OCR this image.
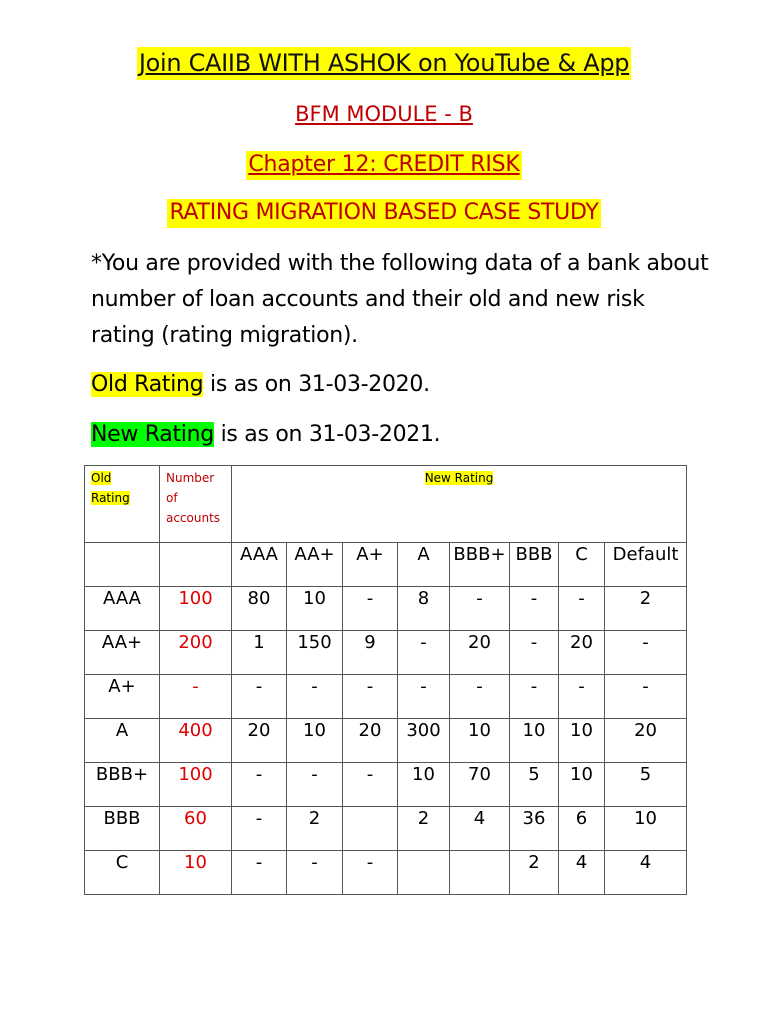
Join CAIIB WITH ASHOK on YouTube & App
BFM MODULE - B
Chapter 12: CREDIT RISK
RATING MIGRATION BASED CASE STUDY
*You are provided with the following data of a bank about number of loan accounts and their old and new risk rating (rating migration).
Old Rating is as on 31-03-2020.
New Rating is as on 31-03-2021.
Old Rating	Number of accounts	New Rating							

		AAA	AA+	A+	A	BBB+	BBB	C	Default
AAA	100	80	10	-	8	-	-	-	2
AA+	200	1	150	9	-	20	-	20	-
A+	-	-	-	-	-	-	-	-	-
A	400	20	10	20	300	10	10	10	20
BBB+	100	-	-	-	10	70	5	10	5
BBB	60	-	2		2	4	36	6	10
C	10	-	-	-			2	4	4
